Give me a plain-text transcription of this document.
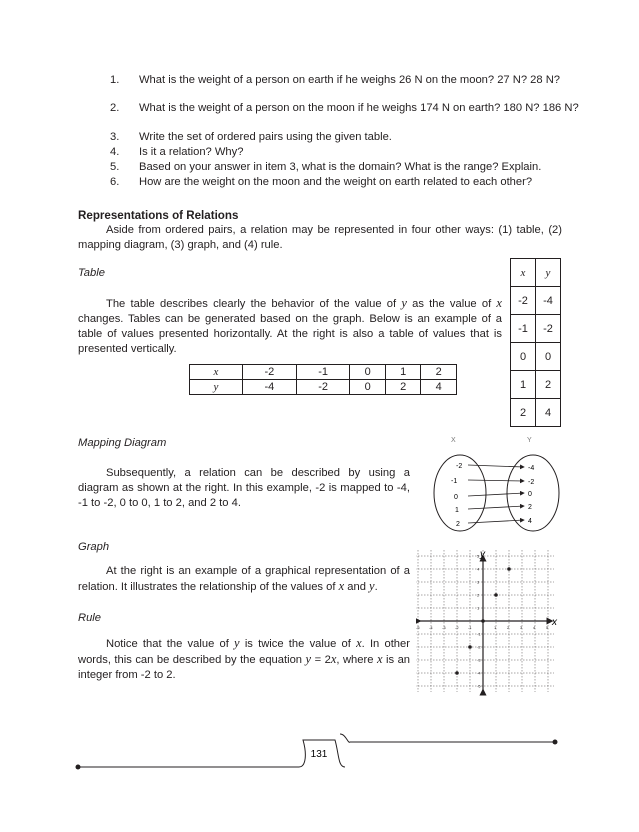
1. What is the weight of a person on earth if he weighs 26 N on the moon? 27 N? 28 N?
2. What is the weight of a person on the moon if he weighs 174 N on earth? 180 N? 186 N?
3. Write the set of ordered pairs using the given table.
4. Is it a relation? Why?
5. Based on your answer in item 3, what is the domain? What is the range? Explain.
6. How are the weight on the moon and the weight on earth related to each other?
Representations of Relations
Aside from ordered pairs, a relation may be represented in four other ways: (1) table, (2) mapping diagram, (3) graph, and (4) rule.
Table
The table describes clearly the behavior of the value of y as the value of x changes. Tables can be generated based on the graph. Below is an example of a table of values presented horizontally. At the right is also a table of values that is presented vertically.
x	-2	-1	0	1	2
y	-4	-2	0	2	4
x	y
-2	-4
-1	-2
0	0
1	2
2	4
Mapping Diagram
Subsequently, a relation can be described by using a diagram as shown at the right. In this example, -2 is mapped to -4, -1 to -2, 0 to 0, 1 to 2, and 2 to 4.
X	Y
-2
-1
0
1
2
-4
-2
0
2
4
Graph
At the right is an example of a graphical representation of a relation. It illustrates the relationship of the values of x and y.
Rule
Notice that the value of y is twice the value of x. In other words, this can be described by the equation y = 2x, where x is an integer from -2 to 2.
-5 -4 -3 -2 -1	1	2	3	4	5
-5
-4
-3
-2
-1
1
2
3
4
5 y
x
131
